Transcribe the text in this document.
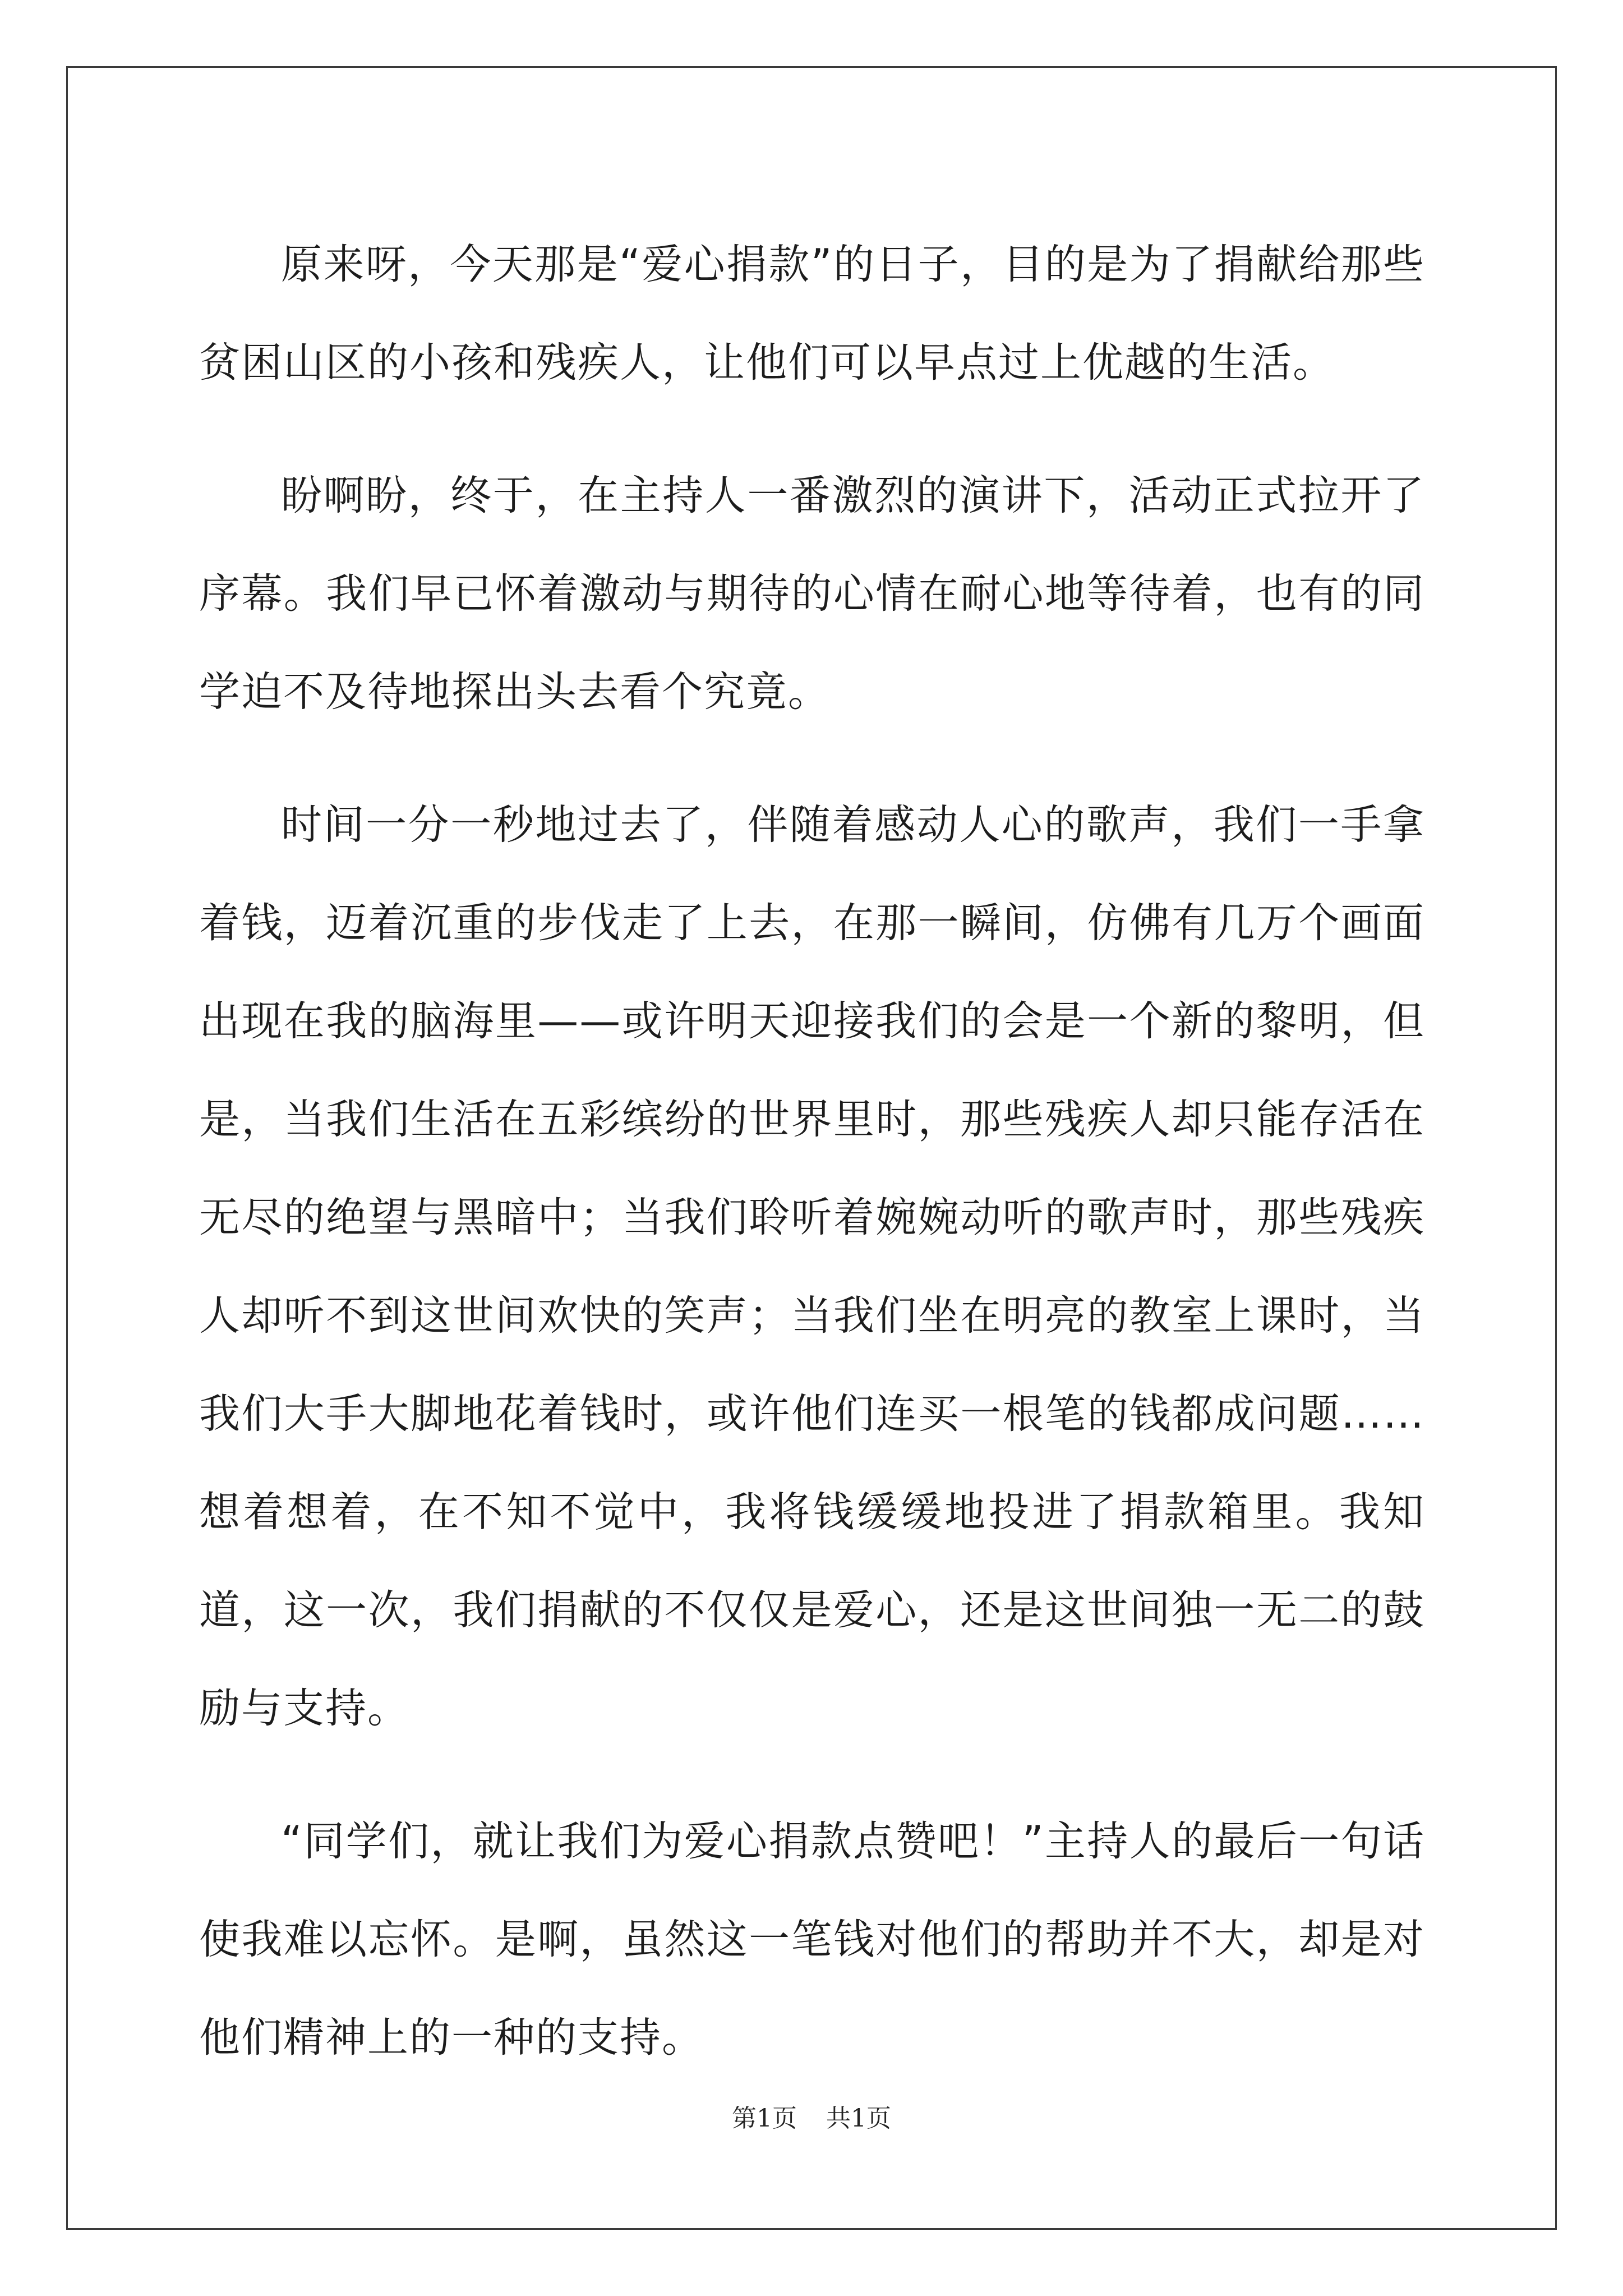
原来呀，今天那是“爱心捐款”的日子，目的是为了捐献给那些贫困山区的小孩和残疾人，让他们可以早点过上优越的生活。

盼啊盼，终于，在主持人一番激烈的演讲下，活动正式拉开了序幕。我们早已怀着激动与期待的心情在耐心地等待着，也有的同学迫不及待地探出头去看个究竟。

时间一分一秒地过去了，伴随着感动人心的歌声，我们一手拿着钱，迈着沉重的步伐走了上去，在那一瞬间，仿佛有几万个画面出现在我的脑海里——或许明天迎接我们的会是一个新的黎明，但是，当我们生活在五彩缤纷的世界里时，那些残疾人却只能存活在无尽的绝望与黑暗中；当我们聆听着婉婉动听的歌声时，那些残疾人却听不到这世间欢快的笑声；当我们坐在明亮的教室上课时，当我们大手大脚地花着钱时，或许他们连买一根笔的钱都成问题……想着想着，在不知不觉中，我将钱缓缓地投进了捐款箱里。我知道，这一次，我们捐献的不仅仅是爱心，还是这世间独一无二的鼓励与支持。

“同学们，就让我们为爱心捐款点赞吧！”主持人的最后一句话使我难以忘怀。是啊，虽然这一笔钱对他们的帮助并不大，却是对他们精神上的一种的支持。

第1页 共1页
